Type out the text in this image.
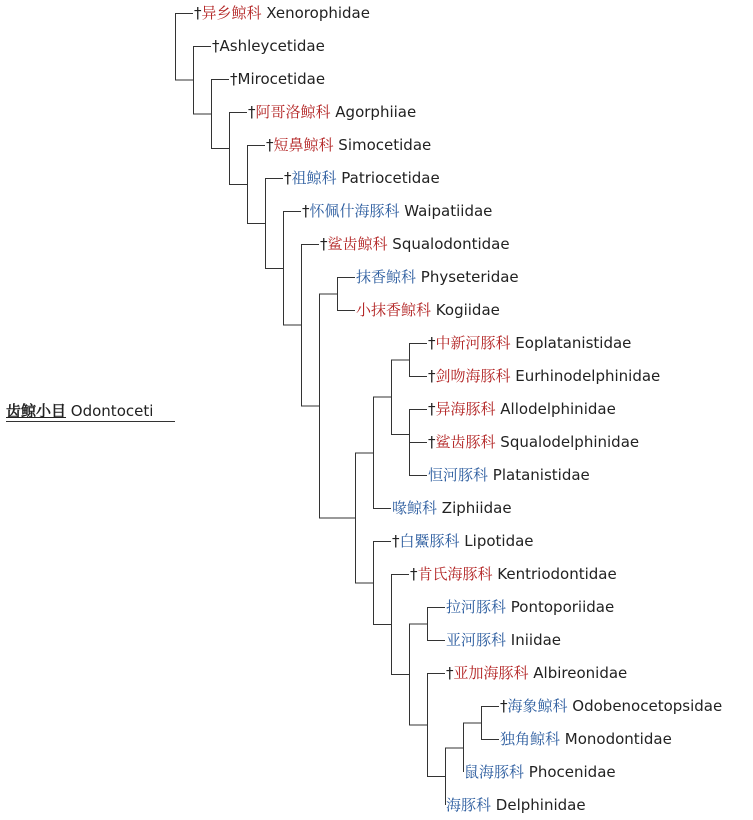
齿鲸小目 Odontoceti
†异乡鲸科 Xenorophidae
†Ashleycetidae
†Mirocetidae
†阿哥洛鲸科 Agorphiiae
†短鼻鲸科 Simocetidae
†祖鲸科 Patriocetidae
†怀佩什海豚科 Waipatiidae
†鲨齿鲸科 Squalodontidae
抹香鲸科 Physeteridae
小抹香鲸科 Kogiidae
†中新河豚科 Eoplatanistidae
†剑吻海豚科 Eurhinodelphinidae
†异海豚科 Allodelphinidae
†鲨齿豚科 Squalodelphinidae
恒河豚科 Platanistidae
喙鲸科 Ziphiidae
†白鱀豚科 Lipotidae
†肯氏海豚科 Kentriodontidae
拉河豚科 Pontoporiidae
亚河豚科 Iniidae
†亚加海豚科 Albireonidae
†海象鲸科 Odobenocetopsidae
独角鲸科 Monodontidae
鼠海豚科 Phocenidae
海豚科 Delphinidae
